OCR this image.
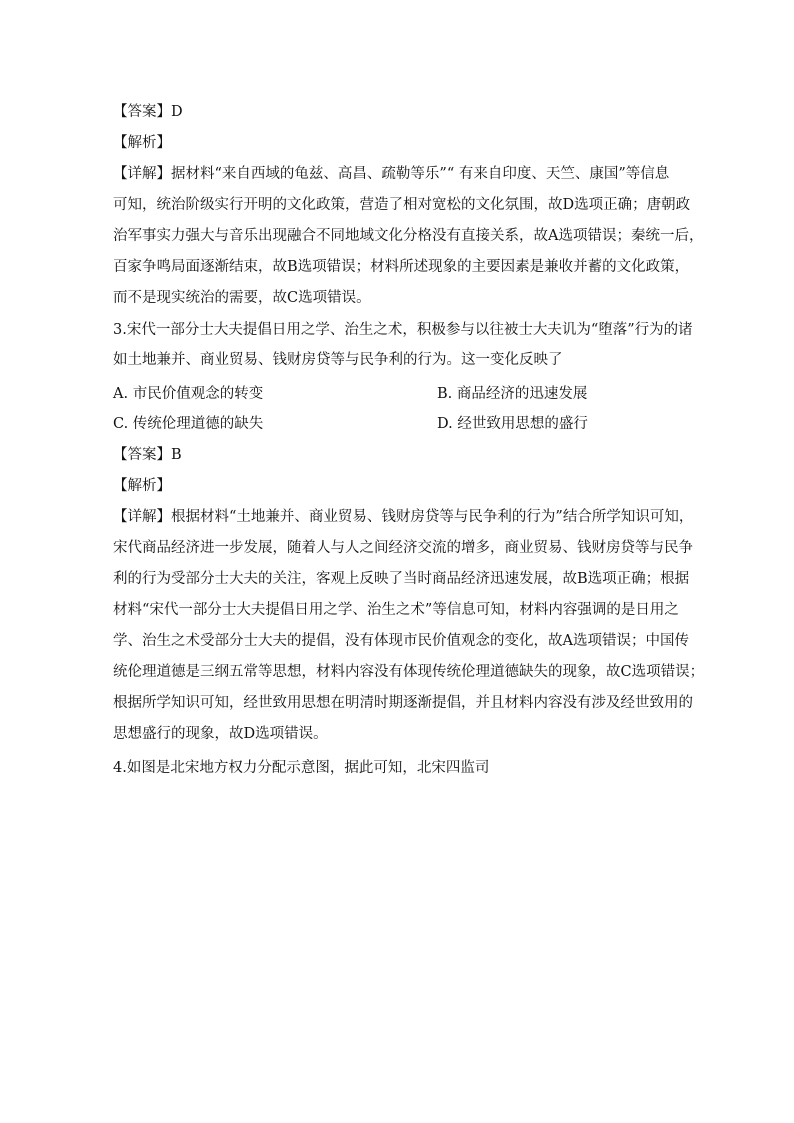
【答案】D
【解析】
【详解】据材料“来自西域的龟兹、高昌、疏勒等乐”“ 有来自印度、天竺、康国”等信息
可知，统治阶级实行开明的文化政策，营造了相对宽松的文化氛围，故D选项正确；唐朝政
治军事实力强大与音乐出现融合不同地域文化分格没有直接关系，故A选项错误；秦统一后，
百家争鸣局面逐渐结束，故B选项错误；材料所述现象的主要因素是兼收并蓄的文化政策，
而不是现实统治的需要，故C选项错误。
3.宋代一部分士大夫提倡日用之学、治生之术，积极参与以往被士大夫讥为“堕落”行为的诸
如土地兼并、商业贸易、钱财房贷等与民争利的行为。这一变化反映了
A. 市民价值观念的转变	B. 商品经济的迅速发展
C. 传统伦理道德的缺失	D. 经世致用思想的盛行
【答案】B
【解析】
【详解】根据材料“土地兼并、商业贸易、钱财房贷等与民争利的行为”结合所学知识可知，
宋代商品经济进一步发展，随着人与人之间经济交流的增多，商业贸易、钱财房贷等与民争
利的行为受部分士大夫的关注，客观上反映了当时商品经济迅速发展，故B选项正确；根据
材料“宋代一部分士大夫提倡日用之学、治生之术”等信息可知，材料内容强调的是日用之
学、治生之术受部分士大夫的提倡，没有体现市民价值观念的变化，故A选项错误；中国传
统伦理道德是三纲五常等思想，材料内容没有体现传统伦理道德缺失的现象，故C选项错误；
根据所学知识可知，经世致用思想在明清时期逐渐提倡，并且材料内容没有涉及经世致用的
思想盛行的现象，故D选项错误。
4.如图是北宋地方权力分配示意图，据此可知，北宋四监司
